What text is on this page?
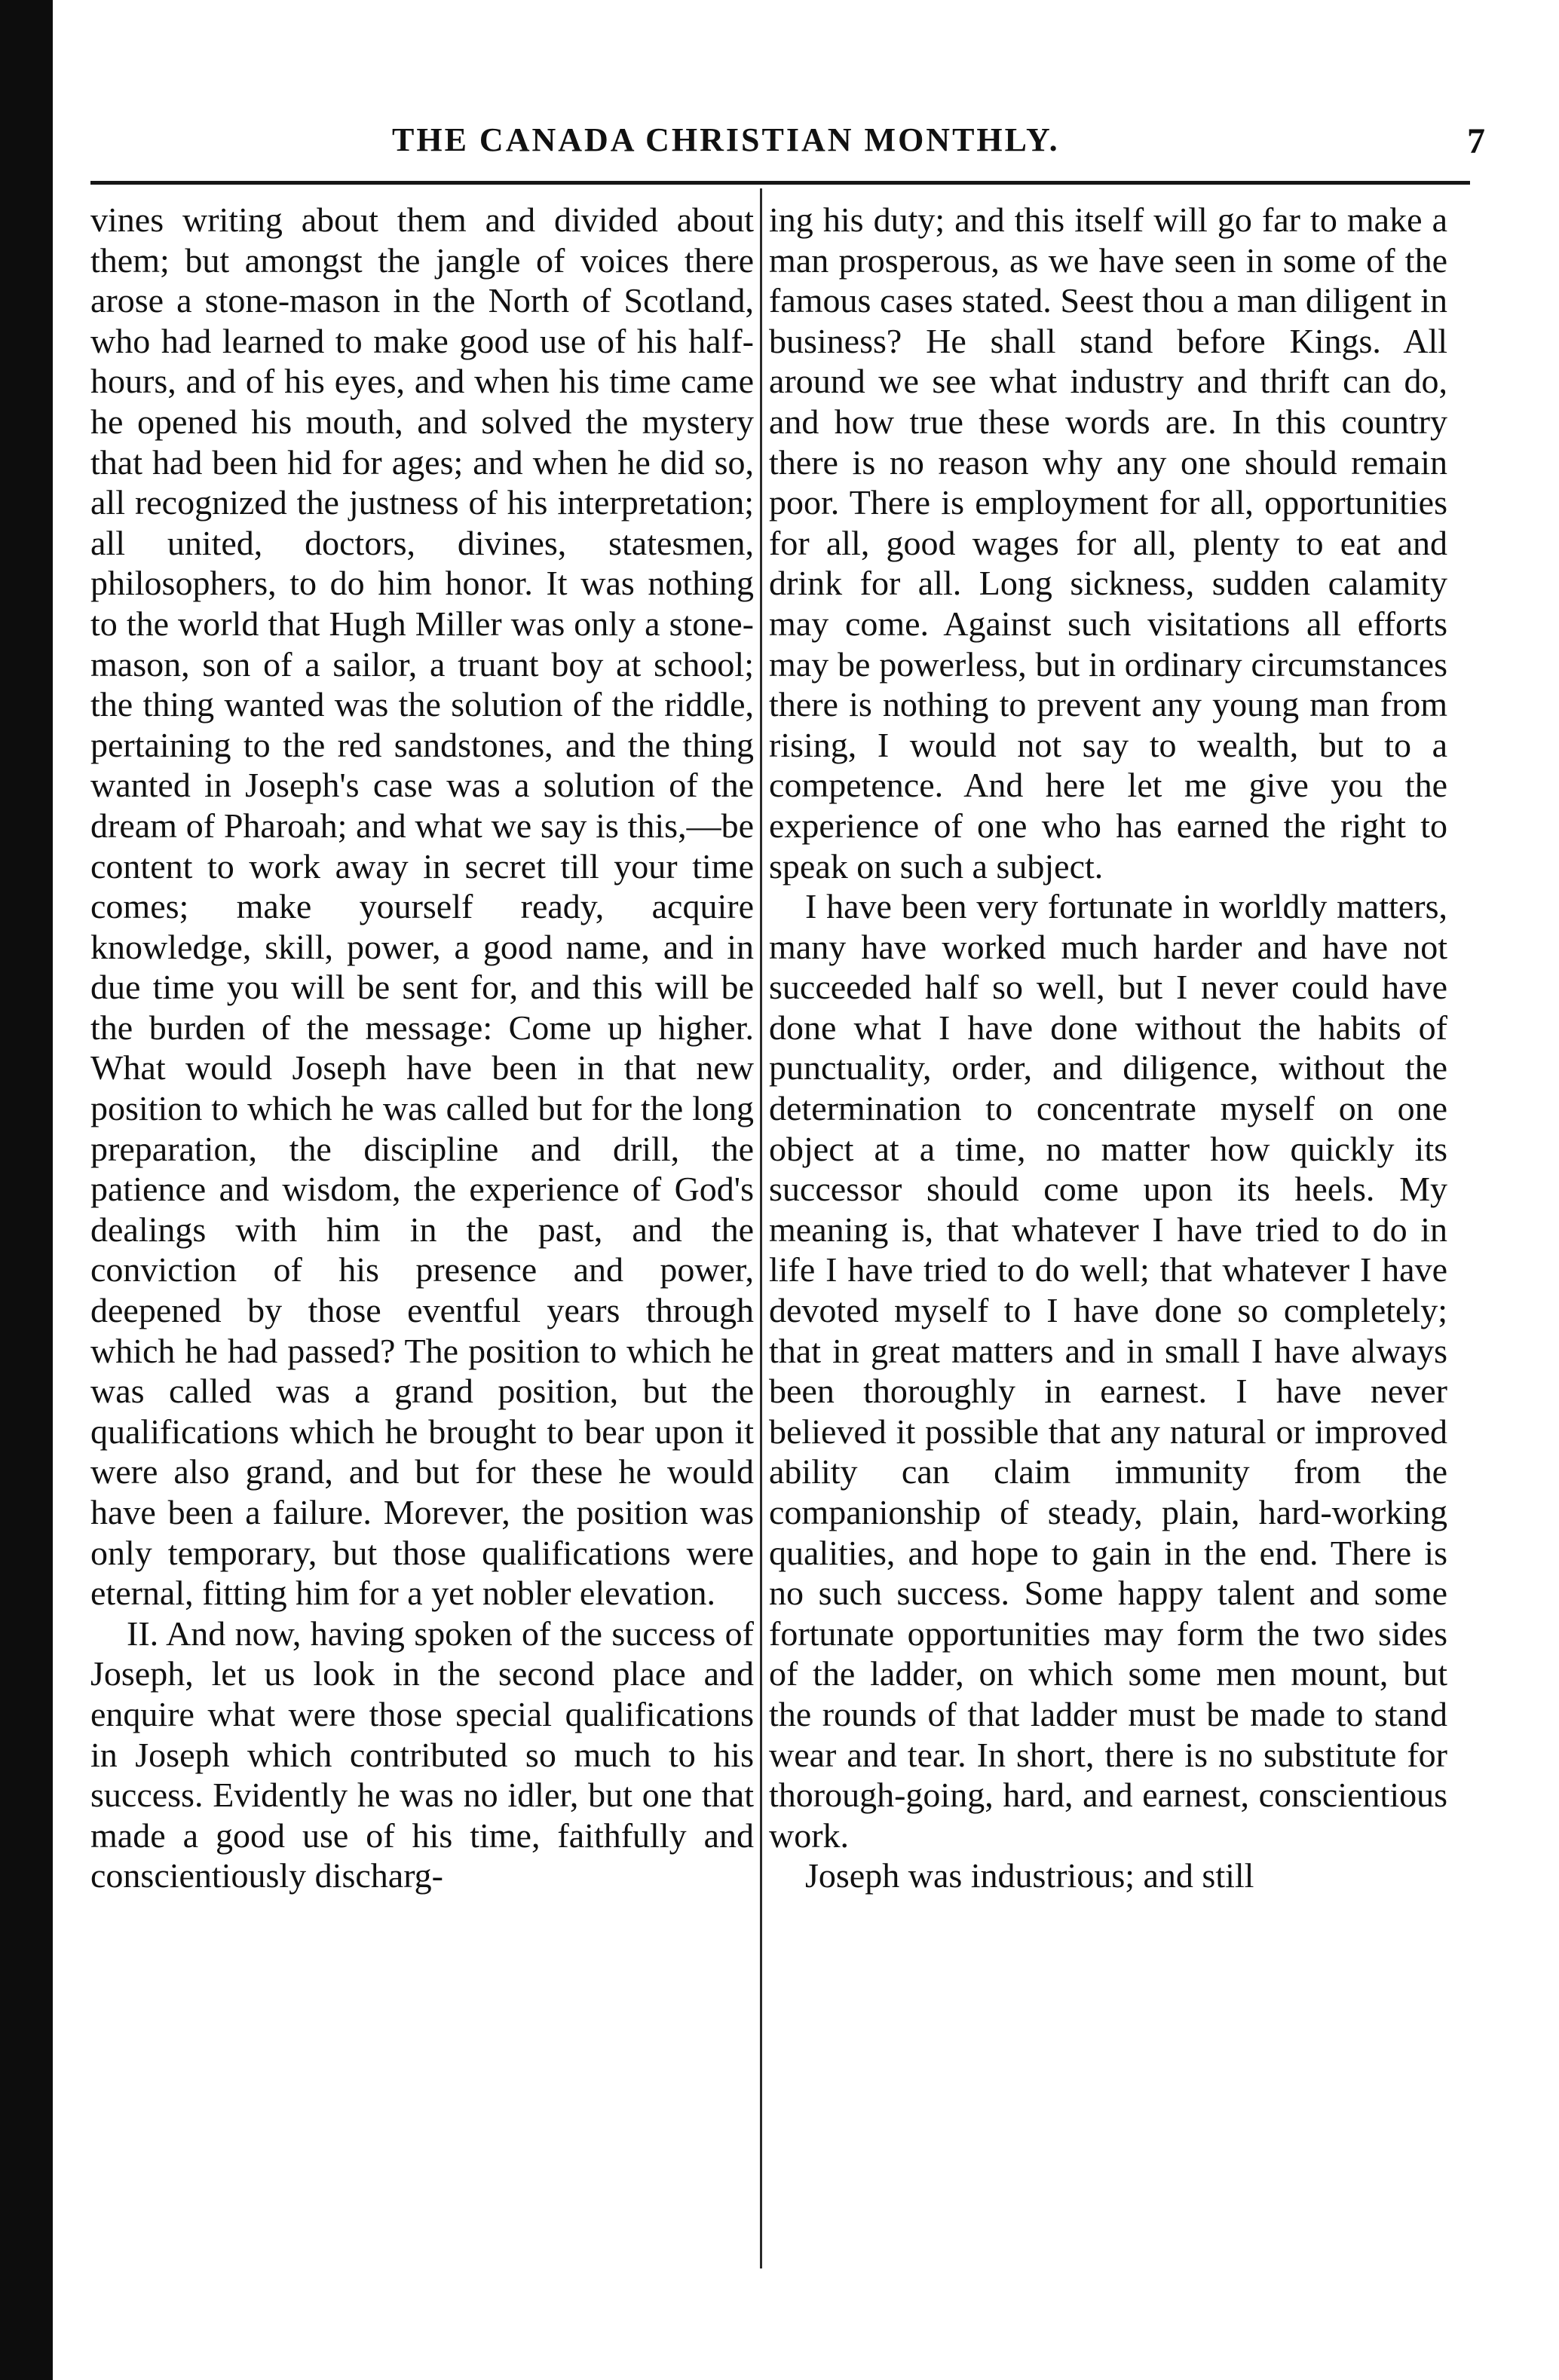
THE CANADA CHRISTIAN MONTHLY.	7

vines writing about them and divided about them; but amongst the jangle of voices there arose a stone-mason in the North of Scotland, who had learned to make good use of his half-hours, and of his eyes, and when his time came he opened his mouth, and solved the mystery that had been hid for ages; and when he did so, all recognized the justness of his interpretation; all united, doctors, divines, statesmen, philosophers, to do him honor. It was nothing to the world that Hugh Miller was only a stone-mason, son of a sailor, a truant boy at school; the thing wanted was the solution of the riddle, pertaining to the red sandstones, and the thing wanted in Joseph's case was a solution of the dream of Pharoah; and what we say is this,—be content to work away in secret till your time comes; make yourself ready, acquire knowledge, skill, power, a good name, and in due time you will be sent for, and this will be the burden of the message: Come up higher. What would Joseph have been in that new position to which he was called but for the long preparation, the discipline and drill, the patience and wisdom, the experience of God's dealings with him in the past, and the conviction of his presence and power, deepened by those eventful years through which he had passed? The position to which he was called was a grand position, but the qualifications which he brought to bear upon it were also grand, and but for these he would have been a failure. Morever, the position was only temporary, but those qualifications were eternal, fitting him for a yet nobler elevation.

II. And now, having spoken of the success of Joseph, let us look in the second place and enquire what were those special qualifications in Joseph which contributed so much to his success. Evidently he was no idler, but one that made a good use of his time, faithfully and conscientiously discharg-

ing his duty; and this itself will go far to make a man prosperous, as we have seen in some of the famous cases stated. Seest thou a man diligent in business? He shall stand before Kings. All around we see what industry and thrift can do, and how true these words are. In this country there is no reason why any one should remain poor. There is employment for all, opportunities for all, good wages for all, plenty to eat and drink for all. Long sickness, sudden calamity may come. Against such visitations all efforts may be powerless, but in ordinary circumstances there is nothing to prevent any young man from rising, I would not say to wealth, but to a competence. And here let me give you the experience of one who has earned the right to speak on such a subject.

I have been very fortunate in worldly matters, many have worked much harder and have not succeeded half so well, but I never could have done what I have done without the habits of punctuality, order, and diligence, without the determination to concentrate myself on one object at a time, no matter how quickly its successor should come upon its heels. My meaning is, that whatever I have tried to do in life I have tried to do well; that whatever I have devoted myself to I have done so completely; that in great matters and in small I have always been thoroughly in earnest. I have never believed it possible that any natural or improved ability can claim immunity from the companionship of steady, plain, hard-working qualities, and hope to gain in the end. There is no such success. Some happy talent and some fortunate opportunities may form the two sides of the ladder, on which some men mount, but the rounds of that ladder must be made to stand wear and tear. In short, there is no substitute for thorough-going, hard, and earnest, conscientious work.

Joseph was industrious; and still
